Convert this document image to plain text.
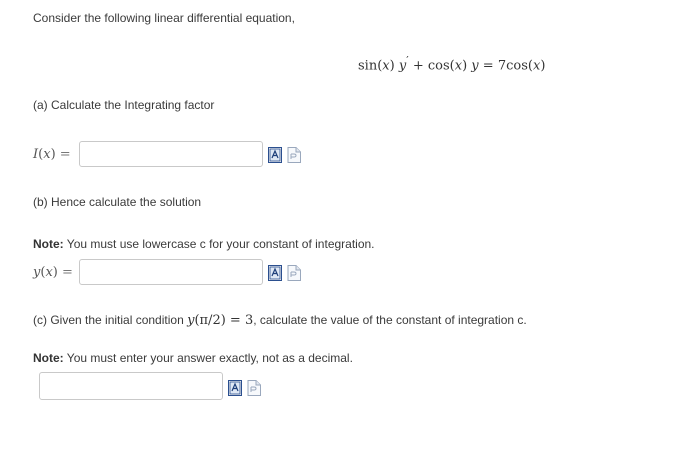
Consider the following linear differential equation,
sin(x) y′ + cos(x) y = 7cos(x)
(a) Calculate the Integrating factor
I(x) =
(b) Hence calculate the solution
Note: You must use lowercase c for your constant of integration.
y(x) =
(c) Given the initial condition y(π/2) = 3, calculate the value of the constant of integration c.
Note: You must enter your answer exactly, not as a decimal.
